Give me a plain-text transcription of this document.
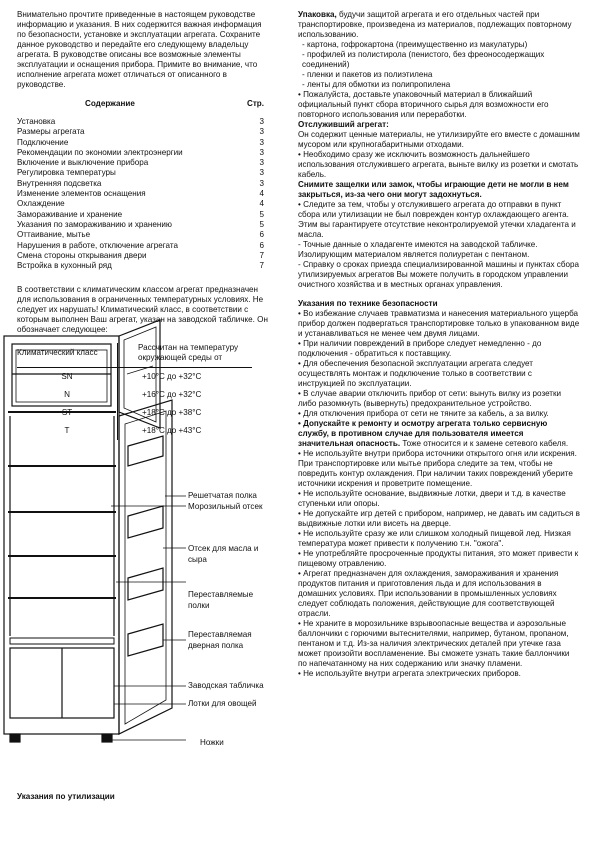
Внимательно прочтите приведенные в настоящем руководстве информацию и указания. В них содержится важная информация по безопасности, установке и эксплуатации агрегата. Сохраните данное руководство и передайте его следующему владельцу агрегата. В руководстве описаны все возможные элементы эксплуатации и оснащения прибора. Примите во внимание, что исполнение агрегата может отличаться от описанного в руководстве.

Содержание	Стр.
Установка	3
Размеры агрегата	3
Подключение	3
Рекомендации по экономии электроэнергии	3
Включение и выключение прибора	3
Регулировка температуры	3
Внутренняя подсветка	3
Изменение элементов оснащения	4
Охлаждение	4
Замораживание и хранение	5
Указания по замораживанию и хранению	5
Оттаивание, мытье	6
Нарушения в работе, отключение агрегата	6
Смена стороны открывания двери	7
Встройка в кухонный ряд	7

В соответствии с климатическим классом агрегат предназначен для использования в ограниченных температурных условиях. Не следует их нарушать! Климатический класс, в соответствии с которым выполнен Ваш агрегат, указан на заводской табличке. Он обозначает следующее:

Климатический класс	Рассчитан на температуру окружающей среды от
SN	+10°C до +32°C
N	+16°C до +32°C
ST	+18°C до +38°C
T	+18°C до +43°C
Решетчатая полка
Морозильный отсек
Отсек для масла и
сыра
Переставляемые
полки
Переставляемая
дверная полка
Заводская табличка
Лотки для овощей
Ножки
Указания по утилизации

Упаковка, будучи защитой агрегата и его отдельных частей при транспортировке, произведена из материалов, подлежащих повторному использованию.

- картона, гофрокартона (преимущественно из макулатуры)

- профилей из полистирола (пенистого, без фреоносодержащих соединений)

- пленки и пакетов из полиэтилена

- ленты для обмотки из полипропилена

• Пожалуйста, доставьте упаковочный материал в ближайший официальный пункт сбора вторичного сырья для возможности его повторного использования или переработки.

Отслуживший агрегат:

Он содержит ценные материалы, не утилизируйте его вместе с домашним мусором или крупногабаритными отходами.

• Необходимо сразу же исключить возможность дальнейшего использования отслужившего агрегата, выньте вилку из розетки и смотать кабель.

Снимите защелки или замок, чтобы играющие дети не могли в нем закрыться, из-за чего они могут задохнуться.

• Следите за тем, чтобы у отслужившего агрегата до отправки в пункт сбора или утилизации не был поврежден контур охлаждающего агента. Этим вы гарантируете отсутствие неконтролируемой утечки хладагента и масла.

- Точные данные о хладагенте имеются на заводской табличке. Изолирующим материалом является полиуретан с пентаном.

- Справку о сроках приезда специализированной машины и пунктах сбора утилизируемых агрегатов Вы можете получить в городском управлении очистного хозяйства и в местных органах управления.

Указания по технике безопасности

• Во избежание случаев травматизма и нанесения материального ущерба прибор должен подвергаться транспортировке только в упакованном виде и устанавливаться не менее чем двумя лицами.

• При наличии повреждений в приборе следует немедленно - до подключения - обратиться к поставщику.

• Для обеспечения безопасной эксплуатации агрегата следует осуществлять монтаж и подключение только в соответствии с инструкцией по эксплуатации.

• В случае аварии отключить прибор от сети: вынуть вилку из розетки либо разомкнуть (вывернуть) предохранительное устройство.

• Для отключения прибора от сети не тяните за кабель, а за вилку.

• Допускайте к ремонту и осмотру агрегата только сервисную службу, в противном случае для пользователя имеется значительная опасность. Тоже относится и к замене сетевого кабеля.

• Не используйте внутри прибора источники открытого огня или искрения. При транспортировке или мытье прибора следите за тем, чтобы не повредить контур охлаждения. При наличии таких повреждений уберите источники искрения и проветрите помещение.

• Не используйте основание, выдвижные лотки, двери и т.д. в качестве ступеньки или опоры.

• Не допускайте игр детей с прибором, например, не давать им садиться в выдвижные лотки или висеть на дверце.

• Не используйте сразу же или слишком холодный пищевой лед. Низкая температура может привести к получению т.н. "ожога".

• Не употребляйте просроченные продукты питания, это может привести к пищевому отравлению.

• Агрегат предназначен для охлаждения, замораживания и хранения продуктов питания и приготовления льда и для использования в домашних условиях. При использовании в промышленных условиях следует соблюдать положения, действующие для соответствующей отрасли.

• Не храните в морозильнике взрывоопасные вещества и аэрозольные баллончики с горючими вытеснителями, например, бутаном, пропаном, пентаном и т.д. Из-за наличия электрических деталей при утечке газа может произойти воспламенение. Вы сможете узнать такие баллончики по напечатанному на них содержанию или значку пламени.

• Не используйте внутри агрегата электрических приборов.
